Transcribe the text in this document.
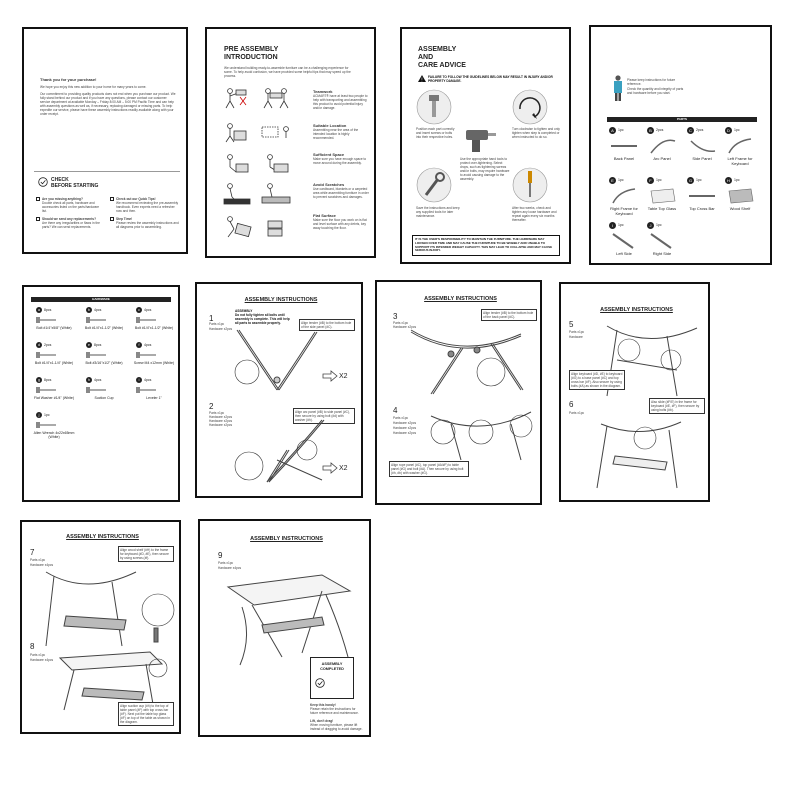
Thank you for your purchase!
We hope you enjoy this new addition to your home for many years to come.
Our commitment to providing quality products does not end when you purchase our product. We fully stand behind our product and if you have any questions, please contact our customer service department at available Monday – Friday 8:00 AM – 5:00 PM Pacific Time and can help with assembly questions as well as, if necessary, replacing damaged or missing parts. To help expedite our service, please have these assembly instructions readily available along with your order receipt.
CHECK
BEFORE STARTING
Are you missing anything?
Double check all parts, hardware and accessories listed on the parts/hardware list.
Check out our Quick Tips!
We recommend reviewing the pre-assembly handbook. Even experts need a refresher now and then.
Should we send any replacements?
Are there any irregularities or flaws in the parts? We can send replacements.
Step Time!
Please review the assembly instructions and all diagrams prior to assembling.
PRE ASSEMBLY
INTRODUCTION
We understand building ready-to-assemble furniture can be a challenging experience for some. To help avoid confusion, we have provided some helpful tips that may speed up the process.
Teamwork
ACMART® have at least two people to help with transporting and assembling this product to avoid potential injury and/or damage.
Suitable Location
Assembling near the area of the intended location is highly recommended.
Sufficient Space
Make sure you have enough space to move around during the assembly.
Avoid Scratches
Use cardboard, blankets or a carpeted area while assembling furniture in order to prevent scratches and damages.
Flat Surface
Make sure the floor you work on is flat and level surface with any debris, key away touching the floor.
ASSEMBLY
AND
CARE ADVICE
FAILURE TO FOLLOW THE GUIDELINES BELOW MAY RESULT IN INJURY AND/OR PROPERTY DAMAGE.
!
Position each part correctly and insert screws or bolts into their respective holes.
Turn clockwise to tighten and only tighten when step is completed or when instructed to do so.
Use the appropriate hand tools to protect over-tightening. Select drops, such as tightening screws and/or bolts, may require hardware to avoid causing damage to the assembly.
Save the instructions and keep any supplied tools for later maintenance.
After two weeks, check and tighten any loose hardware and repeat again every six months thereafter.
IT IS THE USER'S RESPONSIBILITY TO MAINTAIN THE FURNITURE. THE HARDWARE MAY LOOSEN OVER TIME AND MAY CAUSE THE FURNITURE TO BE WOBBLY AND UNABLE TO SUPPORT ITS INTENDED WEIGHT CAPACITY. THIS MAY LEAD TO COLLAPSE AND MAY CAUSE SERIOUS INJURY.
Please keep instructions for future reference.
Check the quantity and integrity of parts and hardware before you start.
PARTS
A	1pc
Back Panel
B	2pcs
Arc Panel
C	2pcs
Side Panel
D	1pc
Left Frame for Keyboard
E	1pc
Right Frame for Keyboard
F	1pc
Table Top Glass
G	1pc
Top Cross Bar
H	1pc
Wood Shelf
I	1pc
Left Side
J	1pc
Right Side
HARDWARE
a	8pcs
Bolt #1/4"x5/8" (White)
b	4pcs
Bolt #1/4"x1-1/2" (White)
c	4pcs
Bolt #1/4"x1-1/2" (White)
d	2pcs
Bolt #1/4"x1-1/4" (White)
e	8pcs
Bolt #3/16"x1/2" (White)
f	4pcs
Screw M4 x12mm (White)
g	8pcs
Flat Washer #1/4" (White)
h	4pcs
Suction Cup
i	4pcs
Leveler 1"
j	1pc
Allen Wrench 4x22x65mm (White)
ASSEMBLY INSTRUCTIONS
1
ASSEMBLY
Do not fully tighten all bolts until assembly is complete. This will help all parts to assemble properly.
Parts x1pc
Hardware x2pcs
Align tender (#B) to the bottom hole of the side panel (#C).
X2
2
Parts x1pc
Hardware x2pcs
Hardware x2pcs
Hardware x2pcs
Align arc panel (#B) to side panel (#C), then secure by using bolt (#d) with washer (#h).
X2
ASSEMBLY INSTRUCTIONS
3
Parts x1pc
Hardware x2pcs
Align tender (#B) to the bottom hole of the back panel (#C).
4
Parts x1pc
Hardware x2pcs
Hardware x2pcs
Hardware x2pcs
Align rope panel (#C), top panel (#A/#F) to table panel (#G) and bolt (#A). Then secure by using bolt (#h, #b) with washer (#G).
ASSEMBLY INSTRUCTIONS
5
Parts x1pc
Hardware
Align keyboard (#D, #E) to keyboard (#G) to a base panel (#C) and top cross bar (#F). Also secure by using bolts (#A) as shown in the diagram.
6
Parts x1pc
Also slide (#F/E) in the frame for keyboard (#E, #F), then secure by using bolts (#b).
ASSEMBLY INSTRUCTIONS
7
Parts x1pc
Hardware x4pcs
Align wood shelf (#H) to the frame for keyboard (#D, #E), then secure by using screws (#f).
8
Parts x1pc
Hardware x4pcs
Align suction cup (#h) to the top of table panel (#F) with top cross bar (#F). Next put the table top glass (#F) on top of the table as shown in the diagram.
ASSEMBLY INSTRUCTIONS
9
Parts x1pc
Hardware x4pcs
ASSEMBLY
COMPLETED
Keep this handy!
Please retain the instructions for future reference and maintenance.
Lift, don't drag!
When moving furniture, please lift instead of dragging to avoid damage.
